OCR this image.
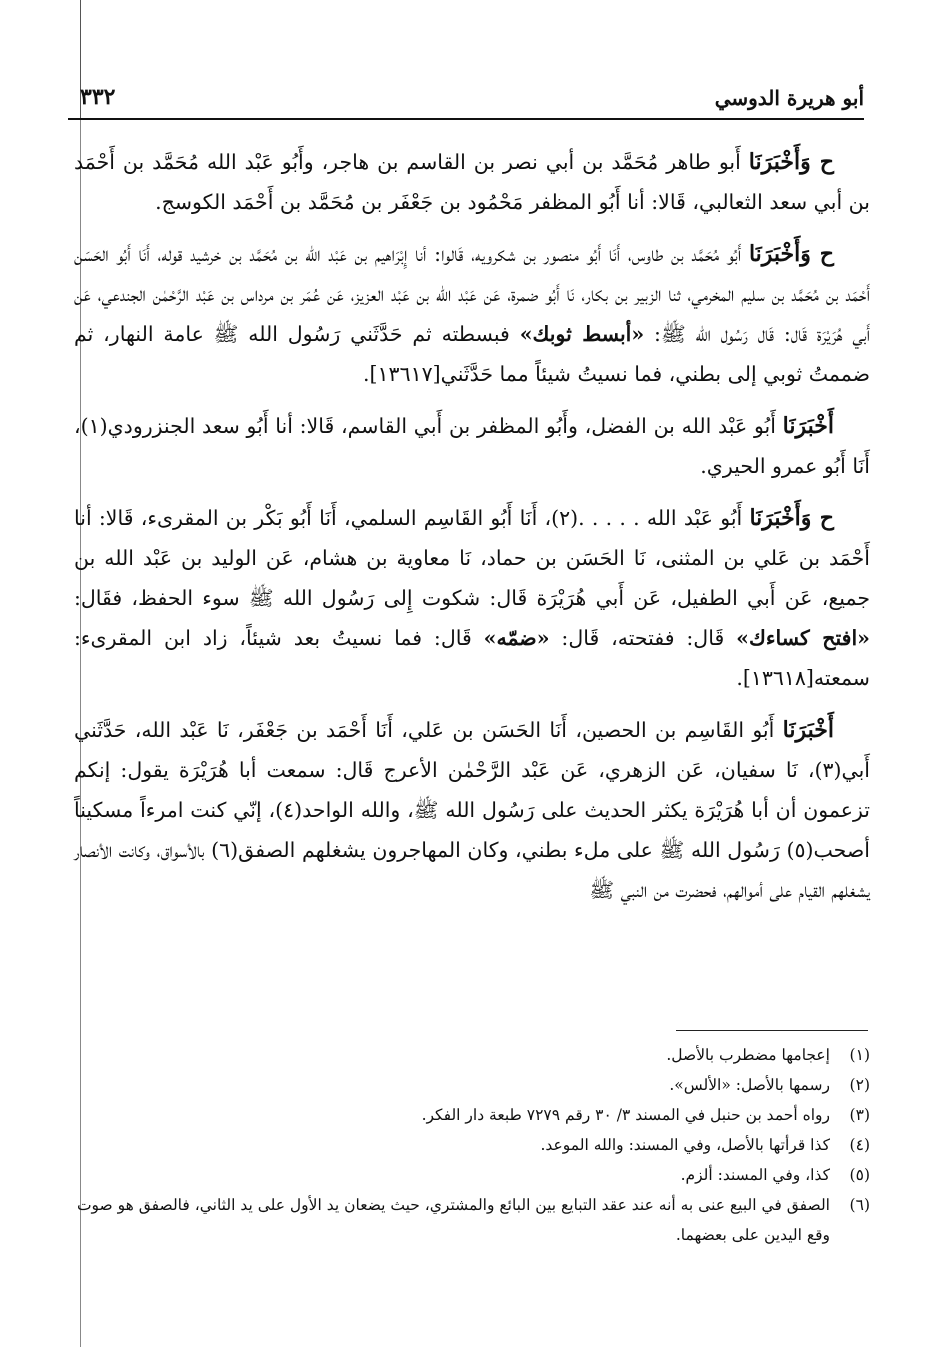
أبو هريرة الدوسي
٣٣٢

ح وَأَخْبَرَنَا أَبو طاهر مُحَمَّد بن أبي نصر بن القاسم بن هاجر، وأَبُو عَبْد الله مُحَمَّد بن أَحْمَد بن أبي سعد الثعالبي، قَالا: أنا أَبُو المظفر مَحْمُود بن جَعْفَر بن مُحَمَّد بن أَحْمَد الكوسج.

ح وَأَخْبَرَنَا أَبُو مُحَمَّد بن طاوس، أَنَا أَبُو منصور بن شكرويه، قَالوا: أنا إِبْرَاهيم بن عَبْد الله بن مُحَمَّد بن خرشيد قوله، أَنَا أَبُو الحَسَن أَحْمَد بن مُحَمَّد بن سليم المخرمي، ثنا الزبير بن بكار، نَا أَبُو ضمرة، عَن عَبْد الله بن عَبْد العزيز، عَن عُمَر بن مرداس بن عَبْد الرَّحْمٰن الجندعي، عَن أَبي هُرَيْرَة قَال: قَال رَسُول الله ﷺ: «أبسط ثوبك» فبسطته ثم حَدَّثَني رَسُول الله ﷺ عامة النهار، ثم ضممتُ ثوبي إلى بطني، فما نسيتُ شيئاً مما حَدَّثَني[١٣٦١٧].

أَخْبَرَنَا أَبُو عَبْد الله بن الفضل، وأَبُو المظفر بن أَبي القاسم، قَالا: أنا أَبُو سعد الجنزرودي(١)، أَنَا أَبُو عمرو الحيري.

ح وَأَخْبَرَنَا أَبُو عَبْد الله . . . . .(٢)، أَنَا أَبُو القَاسِم السلمي، أَنَا أَبُو بَكْر بن المقرىء، قَالا: أنا أَحْمَد بن عَلي بن المثنى، نَا الحَسَن بن حماد، نَا معاوية بن هشام، عَن الوليد بن عَبْد الله بن جميع، عَن أَبي الطفيل، عَن أَبي هُرَيْرَة قَال: شكوت إِلى رَسُول الله ﷺ سوء الحفظ، فقَال: «افتح كساءك» قَال: ففتحته، قَال: «ضمّه» قَال: فما نسيتُ بعد شيئاً، زاد ابن المقرىء: سمعته[١٣٦١٨].

أَخْبَرَنَا أَبُو القَاسِم بن الحصين، أَنَا الحَسَن بن عَلي، أَنَا أَحْمَد بن جَعْفَر، نَا عَبْد الله، حَدَّثَني أَبي(٣)، نَا سفيان، عَن الزهري، عَن عَبْد الرَّحْمٰن الأعرج قَال: سمعت أبا هُرَيْرَة يقول: إنكم تزعمون أن أبا هُرَيْرَة يكثر الحديث على رَسُول الله ﷺ، والله الواحد(٤)، إنّي كنت امرءاً مسكيناً أصحب(٥) رَسُول الله ﷺ على ملء بطني، وكان المهاجرون يشغلهم الصفق(٦) بالأسواق، وكانت الأنصار يشغلهم القيام على أموالهم، فحضرت من النبي ﷺ

(١)
إعجامها مضطرب بالأصل.
(٢)
رسمها بالأصل: «الألس».
(٣)
رواه أحمد بن حنبل في المسند ٣/ ٣٠ رقم ٧٢٧٩ طبعة دار الفكر.
(٤)
كذا قرأتها بالأصل، وفي المسند: والله الموعد.
(٥)
كذا، وفي المسند: ألزم.
(٦)
الصفق في البيع عنى به أنه عند عقد التبايع بين البائع والمشتري، حيث يضعان يد الأول على يد الثاني، فالصفق هو صوت وقع اليدين على بعضهما.
